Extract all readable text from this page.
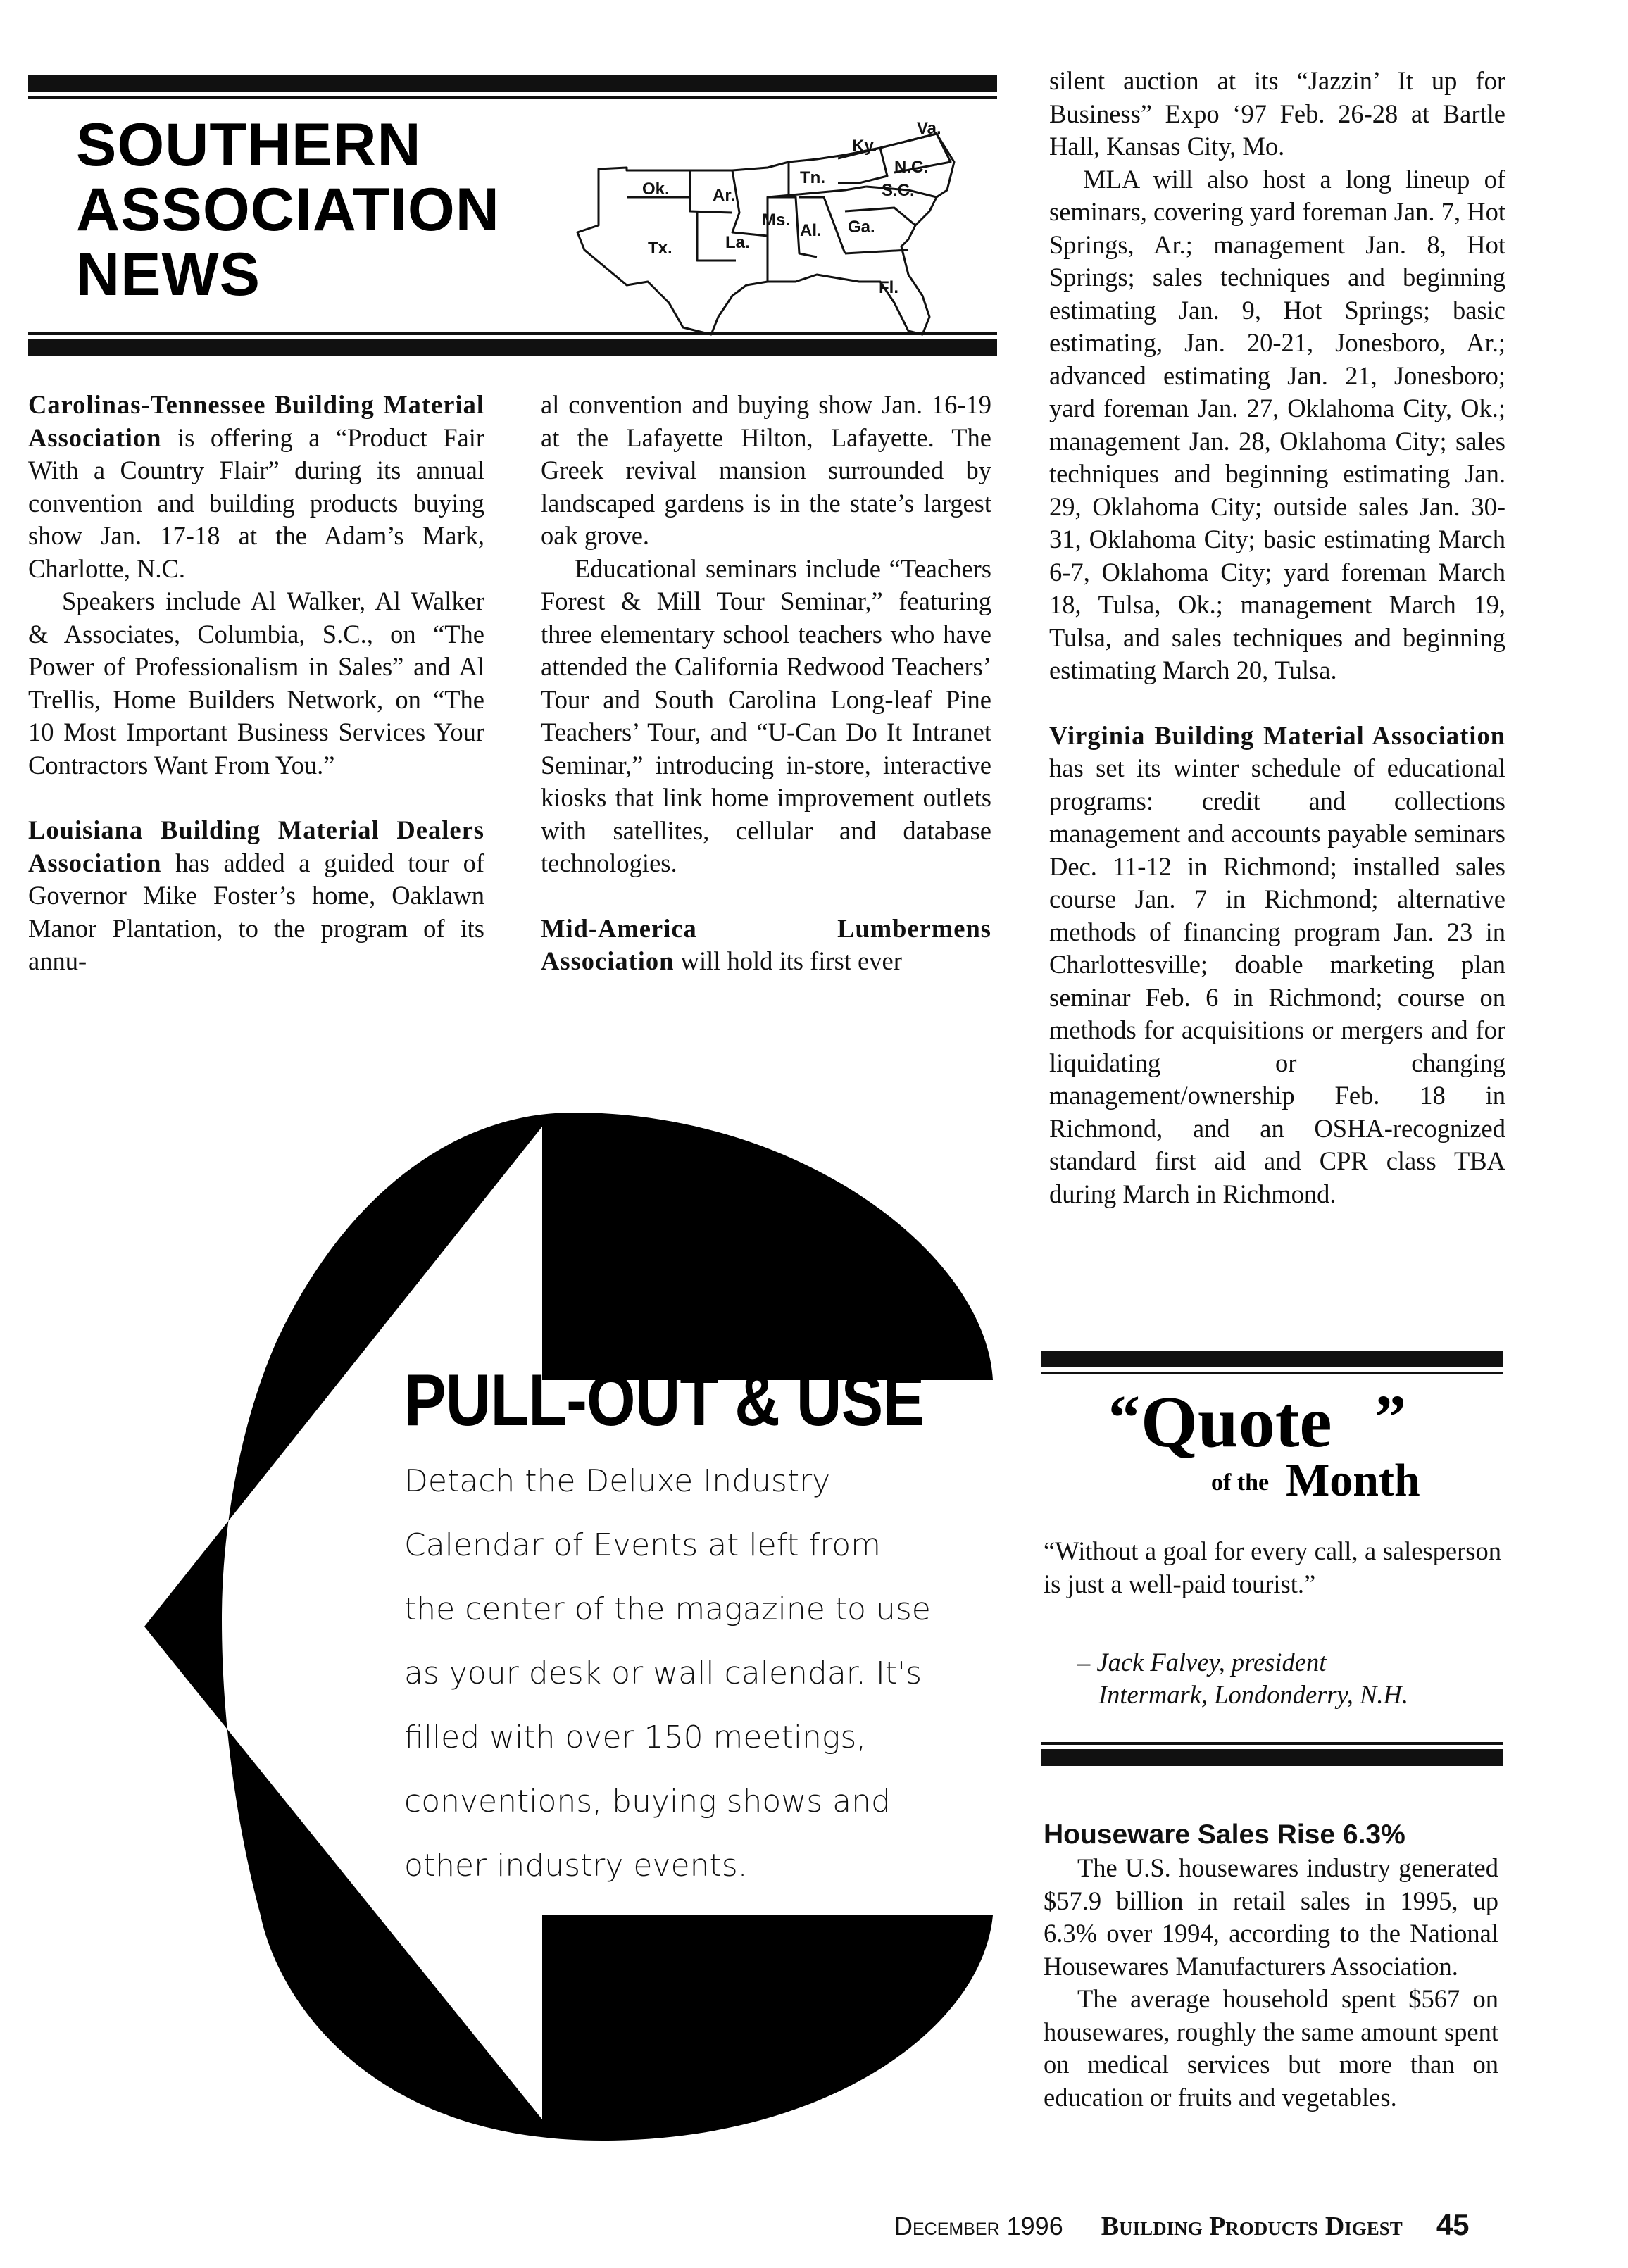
SOUTHERN
ASSOCIATION
NEWS
Ok.	Ar.
Tx.	La.
Ms.
Al.
Tn.
Ky.
Va.
N.C.
S.C.
Ga.
Fl.

Carolinas-Tennessee Building Material Association is offering a “Product Fair With a Country Flair” during its annual convention and building products buying show Jan. 17-18 at the Adam’s Mark, Charlotte, N.C.

Speakers include Al Walker, Al Walker & Associates, Columbia, S.C., on “The Power of Professionalism in Sales” and Al Trellis, Home Builders Network, on “The 10 Most Important Business Services Your Contractors Want From You.”

Louisiana Building Material Dealers Association has added a guided tour of Governor Mike Foster’s home, Oaklawn Manor Plantation, to the program of its annu-

al convention and buying show Jan. 16-19 at the Lafayette Hilton, Lafayette. The Greek revival mansion surrounded by landscaped gardens is in the state’s largest oak grove.

Educational seminars include “Teachers Forest & Mill Tour Seminar,” featuring three elementary school teachers who have attended the California Redwood Teachers’ Tour and South Carolina Long-leaf Pine Teachers’ Tour, and “U-Can Do It Intranet Seminar,” introducing in-store, interactive kiosks that link home improvement outlets with satellites, cellular and database technologies.

Mid-America Lumbermens Association will hold its first ever

silent auction at its “Jazzin’ It up for Business” Expo ‘97 Feb. 26-28 at Bartle Hall, Kansas City, Mo.

MLA will also host a long lineup of seminars, covering yard foreman Jan. 7, Hot Springs, Ar.; management Jan. 8, Hot Springs; sales techniques and beginning estimating Jan. 9, Hot Springs; basic estimating, Jan. 20-21, Jonesboro, Ar.; advanced estimating Jan. 21, Jonesboro; yard foreman Jan. 27, Oklahoma City, Ok.; management Jan. 28, Oklahoma City; sales techniques and beginning estimating Jan. 29, Oklahoma City; outside sales Jan. 30-31, Oklahoma City; basic estimating March 6-7, Oklahoma City; yard foreman March 18, Tulsa, Ok.; management March 19, Tulsa, and sales techniques and beginning estimating March 20, Tulsa.

Virginia Building Material Association has set its winter schedule of educational programs: credit and collections management and accounts payable seminars Dec. 11-12 in Richmond; installed sales course Jan. 7 in Richmond; alternative methods of financing program Jan. 23 in Charlottesville; doable marketing plan seminar Feb. 6 in Richmond; course on methods for acquisitions or mergers and for liquidating or changing management/ownership Feb. 18 in Richmond, and an OSHA-recognized standard first aid and CPR class TBA during March in Richmond.

PULL-OUT & USE
Detach the Deluxe Industry
Calendar of Events at left from
the center of the magazine to use
as your desk or wall calendar. It's
filled with over 150 meetings,
conventions, buying shows and
other industry events.
“ Quote ”
of the Month
“Without a goal for every call, a salesperson is just a well-paid tourist.”
– Jack Falvey, president
Intermark, Londonderry, N.H.
Houseware Sales Rise 6.3%

The U.S. housewares industry generated $57.9 billion in retail sales in 1995, up 6.3% over 1994, according to the National Housewares Manufacturers Association.

The average household spent $567 on housewares, roughly the same amount spent on medical services but more than on education or fruits and vegetables.

December 1996 Building Products Digest 45
